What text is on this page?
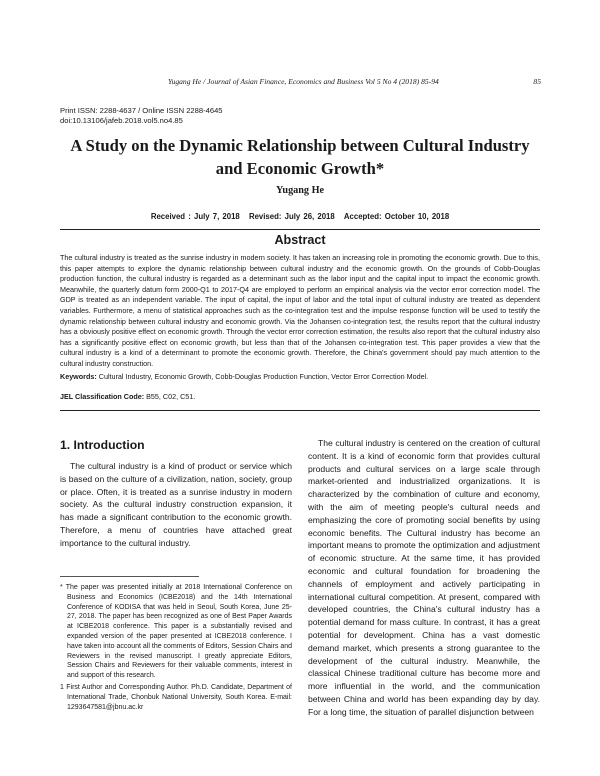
Yugang He / Journal of Asian Finance, Economics and Business Vol 5 No 4 (2018) 85-94	85
Print ISSN: 2288-4637 / Online ISSN 2288-4645
doi:10.13106/jafeb.2018.vol5.no4.85
A Study on the Dynamic Relationship between Cultural Industry and Economic Growth*
Yugang He
Received : July 7, 2018 Revised: July 26, 2018 Accepted: October 10, 2018
Abstract
The cultural industry is treated as the sunrise industry in modern society. It has taken an increasing role in promoting the economic growth. Due to this, this paper attempts to explore the dynamic relationship between cultural industry and the economic growth. On the grounds of Cobb-Douglas production function, the cultural industry is regarded as a determinant such as the labor input and the capital input to impact the economic growth. Meanwhile, the quarterly datum form 2000-Q1 to 2017-Q4 are employed to perform an empirical analysis via the vector error correction model. The GDP is treated as an independent variable. The input of capital, the input of labor and the total input of cultural industry are treated as dependent variables. Furthermore, a menu of statistical approaches such as the co-integration test and the impulse response function will be used to testify the dynamic relationship between cultural industry and economic growth. Via the Johansen co-integration test, the results report that the cultural industry has a obviously positive effect on economic growth. Through the vector error correction estimation, the results also report that the cultural industry also has a significantly positive effect on economic growth, but less than that of the Johansen co-integration test. This paper provides a view that the cultural industry is a kind of a determinant to promote the economic growth. Therefore, the China's government should pay much attention to the cultural industry construction.
Keywords: Cultural Industry, Economic Growth, Cobb-Douglas Production Function, Vector Error Correction Model.
JEL Classification Code: B55, C02, C51.
1. Introduction

The cultural industry is a kind of product or service which is based on the culture of a civilization, nation, society, group or place. Often, it is treated as a sunrise industry in modern society. As the cultural industry construction expansion, it has made a significant contribution to the economic growth. Therefore, a menu of countries have attached great importance to the cultural industry.

* The paper was presented initially at 2018 International Conference on Business and Economics (ICBE2018) and the 14th International Conference of KODISA that was held in Seoul, South Korea, June 25-27, 2018. The paper has been recognized as one of Best Paper Awards at ICBE2018 conference. This paper is a substantially revised and expanded version of the paper presented at ICBE2018 conference. I have taken into account all the comments of Editors, Session Chairs and Reviewers in the revised manuscript. I greatly appreciate Editors, Session Chairs and Reviewers for their valuable comments, interest in and support of this research.

1 First Author and Corresponding Author. Ph.D. Candidate, Department of International Trade, Chonbuk National University, South Korea. E-mail: 1293647581@jbnu.ac.kr

The cultural industry is centered on the creation of cultural content. It is a kind of economic form that provides cultural products and cultural services on a large scale through market-oriented and industrialized organizations. It is characterized by the combination of culture and economy, with the aim of meeting people's cultural needs and emphasizing the core of promoting social benefits by using economic benefits. The Cultural industry has become an important means to promote the optimization and adjustment of economic structure. At the same time, it has provided economic and cultural foundation for broadening the channels of employment and actively participating in international cultural competition. At present, compared with developed countries, the China's cultural industry has a potential demand for mass culture. In contrast, it has a great potential for development. China has a vast domestic demand market, which presents a strong guarantee to the development of the cultural industry. Meanwhile, the classical Chinese traditional culture has become more and more influential in the world, and the communication between China and world has been expanding day by day. For a long time, the situation of parallel disjunction between
